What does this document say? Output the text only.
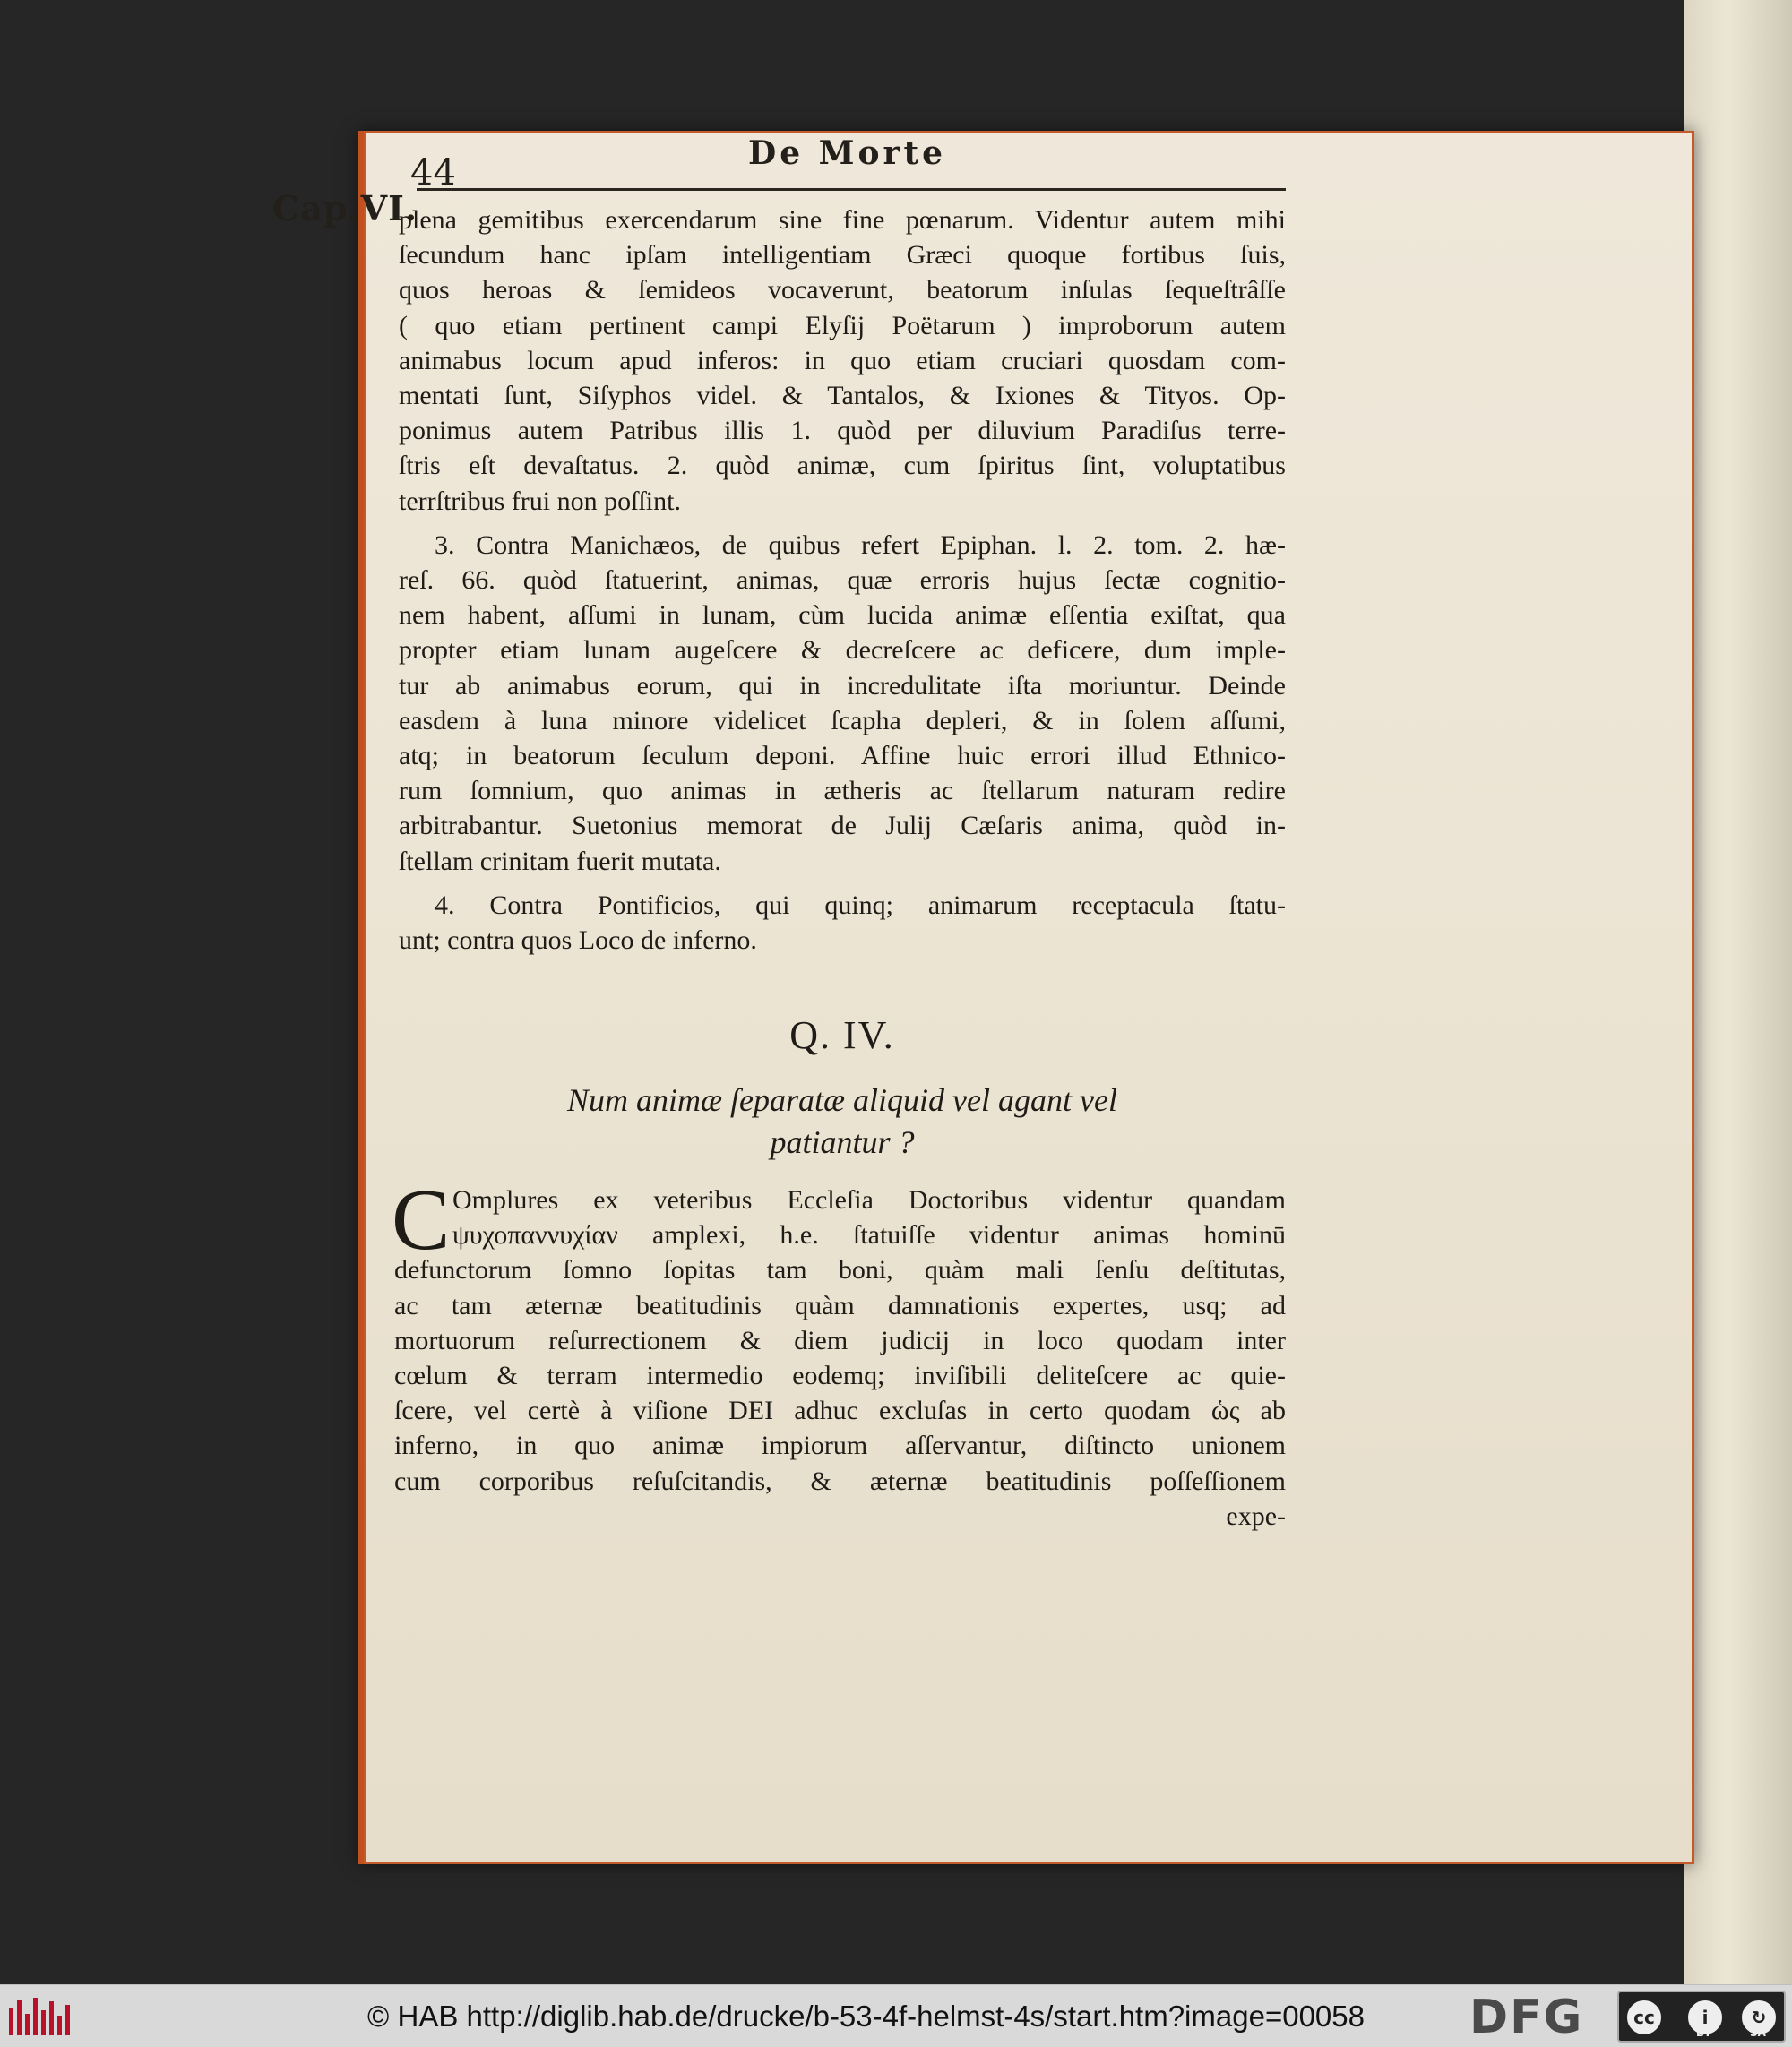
Cap.VI.
44	De Morte
plena gemitibus exercendarum sine fine pœnarum. Videntur autem mihi
ſecundum hanc ipſam intelligentiam Græci quoque fortibus ſuis,
quos heroas & ſemideos vocaverunt, beatorum inſulas ſequeſtrâſſe
( quo etiam pertinent campi Elyſij Poëtarum ) improborum autem
animabus locum apud inferos: in quo etiam cruciari quosdam com-
mentati ſunt, Siſyphos videl. & Tantalos, & Ixiones & Tityos. Op-
ponimus autem Patribus illis 1. quòd per diluvium Paradiſus terre-
ſtris eſt devaſtatus. 2. quòd animæ, cum ſpiritus ſint, voluptatibus
terrſtribus frui non poſſint.
3. Contra Manichæos, de quibus refert Epiphan. l. 2. tom. 2. hæ-
reſ. 66. quòd ſtatuerint, animas, quæ erroris hujus ſectæ cognitio-
nem habent, aſſumi in lunam, cùm lucida animæ eſſentia exiſtat, qua
propter etiam lunam augeſcere & decreſcere ac deficere, dum imple-
tur ab animabus eorum, qui in incredulitate iſta moriuntur. Deinde
easdem à luna minore videlicet ſcapha depleri, & in ſolem aſſumi,
atq; in beatorum ſeculum deponi. Affine huic errori illud Ethnico-
rum ſomnium, quo animas in ætheris ac ſtellarum naturam redire
arbitrabantur. Suetonius memorat de Julij Cæſaris anima, quòd in-
ſtellam crinitam fuerit mutata.
4. Contra Pontificios, qui quinq; animarum receptacula ſtatu-
unt; contra quos Loco de inferno.
Q. IV.
Num animæ ſeparatæ aliquid vel agant vel
patiantur ?
C Omplures ex veteribus Eccleſia Doctoribus videntur quandam
ψυχοπαννυχίαν amplexi, h.e. ſtatuiſſe videntur animas hominū
defunctorum ſomno ſopitas tam boni, quàm mali ſenſu deſtitutas,
ac tam æternæ beatitudinis quàm damnationis expertes, usq; ad
mortuorum reſurrectionem & diem judicij in loco quodam inter
cœlum & terram intermedio eodemq; inviſibili deliteſcere ac quie-
ſcere, vel certè à viſione DEI adhuc excluſas in certo quodam ὡς ab
inferno, in quo animæ impiorum aſſervantur, diſtincto unionem
cum corporibus reſuſcitandis, & æternæ beatitudinis poſſeſſionem
expe-
© HAB http://diglib.hab.de/drucke/b-53-4f-helmst-4s/start.htm?image=00058 DFG	cc	i	↻
BY	SA
